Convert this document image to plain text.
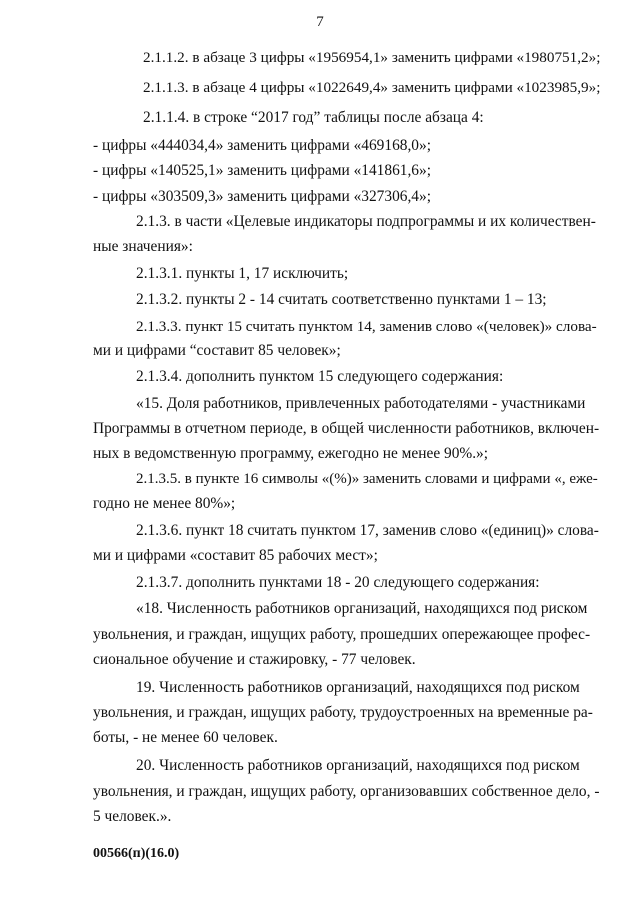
7
2.1.1.2. в абзаце 3 цифры «1956954,1» заменить цифрами «1980751,2»;
2.1.1.3. в абзаце 4 цифры «1022649,4» заменить цифрами «1023985,9»;
2.1.1.4. в строке “2017 год” таблицы после абзаца 4:
- цифры «444034,4» заменить цифрами «469168,0»;
- цифры «140525,1» заменить цифрами «141861,6»;
- цифры «303509,3» заменить цифрами «327306,4»;
2.1.3. в части «Целевые индикаторы подпрограммы и их количествен-
ные значения»:
2.1.3.1. пункты 1, 17 исключить;
2.1.3.2. пункты 2 - 14 считать соответственно пунктами 1 – 13;
2.1.3.3. пункт 15 считать пунктом 14, заменив слово «(человек)» слова-
ми и цифрами “составит 85 человек»;
2.1.3.4. дополнить пунктом 15 следующего содержания:
«15. Доля работников, привлеченных работодателями - участниками
Программы в отчетном периоде, в общей численности работников, включен-
ных в ведомственную программу, ежегодно не менее 90%.»;
2.1.3.5. в пункте 16 символы «(%)» заменить словами и цифрами «, еже-
годно не менее 80%»;
2.1.3.6. пункт 18 считать пунктом 17, заменив слово «(единиц)» слова-
ми и цифрами «составит 85 рабочих мест»;
2.1.3.7. дополнить пунктами 18 - 20 следующего содержания:
«18. Численность работников организаций, находящихся под риском
увольнения, и граждан, ищущих работу, прошедших опережающее профес-
сиональное обучение и стажировку, - 77 человек.
19. Численность работников организаций, находящихся под риском
увольнения, и граждан, ищущих работу, трудоустроенных на временные ра-
боты, - не менее 60 человек.
20. Численность работников организаций, находящихся под риском
увольнения, и граждан, ищущих работу, организовавших собственное дело, -
5 человек.».
00566(п)(16.0)
